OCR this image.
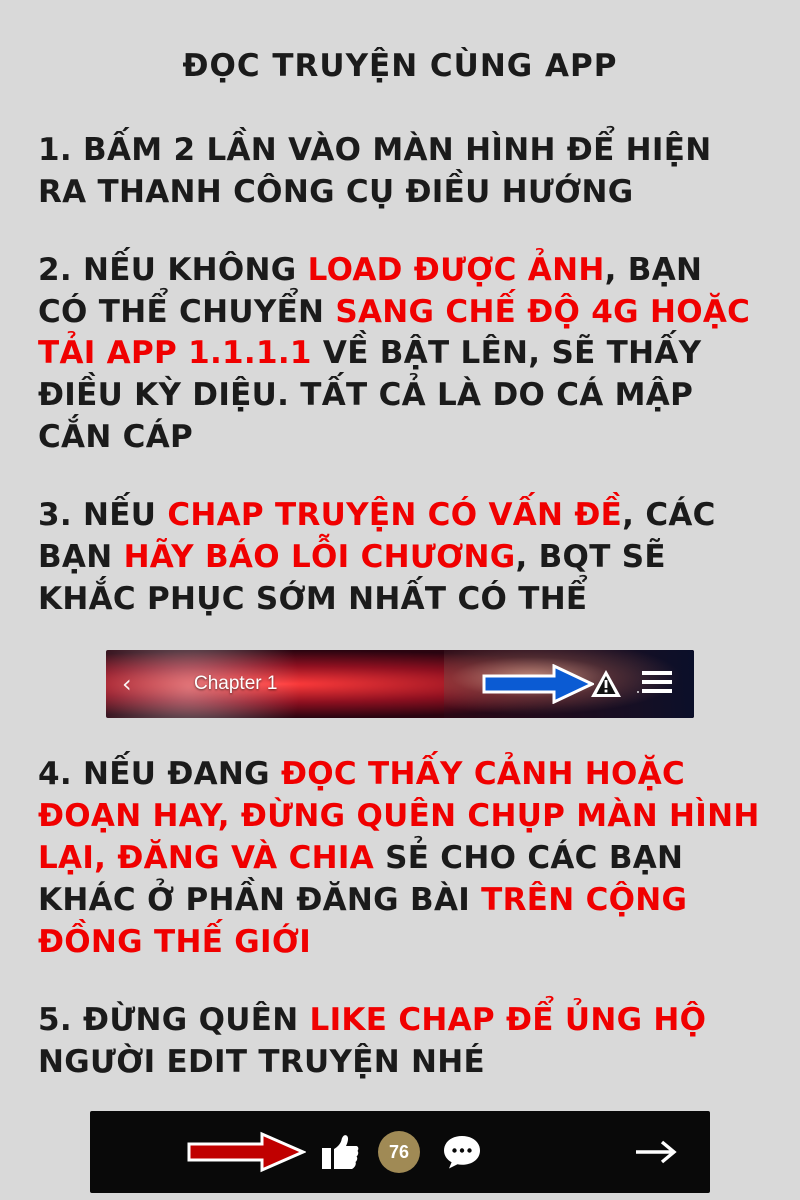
ĐỌC TRUYỆN CÙNG APP
1. BẤM 2 LẦN VÀO MÀN HÌNH ĐỂ HIỆN RA THANH CÔNG CỤ ĐIỀU HƯỚNG
2. NẾU KHÔNG LOAD ĐƯỢC ẢNH, BẠN CÓ THỂ CHUYỂN SANG CHẾ ĐỘ 4G HOẶC TẢI APP 1.1.1.1 VỀ BẬT LÊN, SẼ THẤY ĐIỀU KỲ DIỆU. TẤT CẢ LÀ DO CÁ MẬP CẮN CÁP
3. NẾU CHAP TRUYỆN CÓ VẤN ĐỀ, CÁC BẠN HÃY BÁO LỖI CHƯƠNG, BQT SẼ KHẮC PHỤC SỚM NHẤT CÓ THỂ
‹	Chapter 1
4. NẾU ĐANG ĐỌC THẤY CẢNH HOẶC ĐOẠN HAY, ĐỪNG QUÊN CHỤP MÀN HÌNH LẠI, ĐĂNG VÀ CHIA SẺ CHO CÁC BẠN KHÁC Ở PHẦN ĐĂNG BÀI TRÊN CỘNG ĐỒNG THẾ GIỚI
5. ĐỪNG QUÊN LIKE CHAP ĐỂ ỦNG HỘ NGƯỜI EDIT TRUYỆN NHÉ
76
